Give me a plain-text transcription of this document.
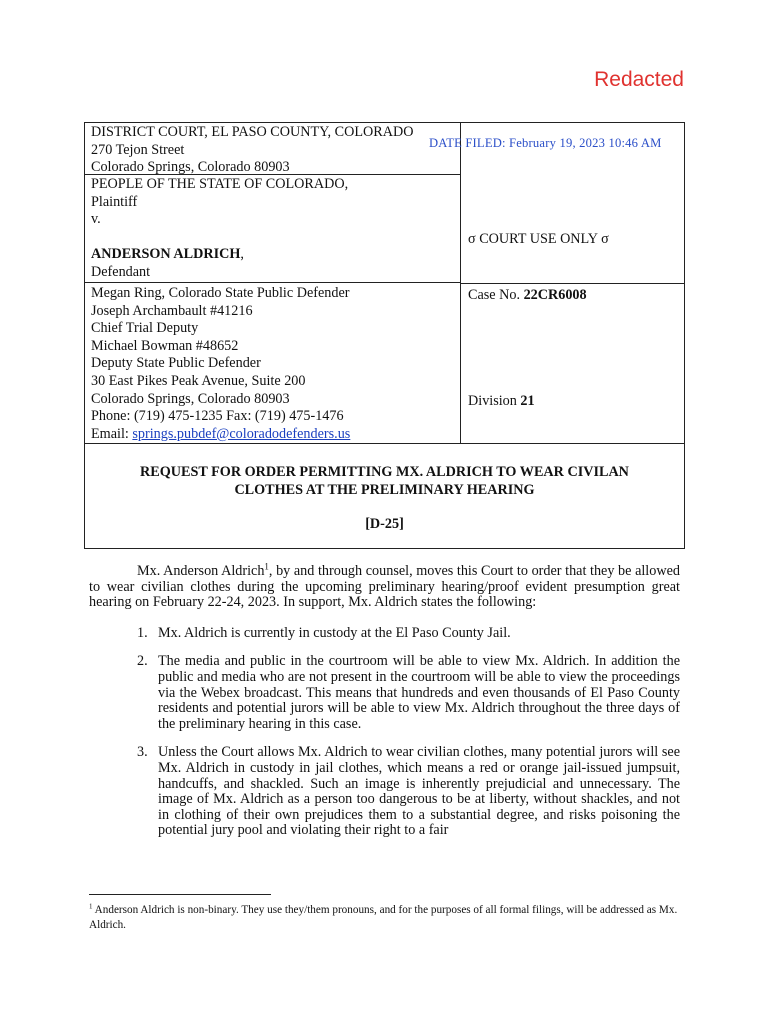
Redacted
DISTRICT COURT, EL PASO COUNTY, COLORADO
270 Tejon Street
Colorado Springs, Colorado 80903
PEOPLE OF THE STATE OF COLORADO,
Plaintiff
v.

ANDERSON ALDRICH,
Defendant
Megan Ring, Colorado State Public Defender
Joseph Archambault #41216
Chief Trial Deputy
Michael Bowman #48652
Deputy State Public Defender
30 East Pikes Peak Avenue, Suite 200
Colorado Springs, Colorado 80903
Phone: (719) 475-1235 Fax: (719) 475-1476
Email: springs.pubdef@coloradodefenders.us
DATE FILED: February 19, 2023 10:46 AM
σ COURT USE ONLY σ
Case No. 22CR6008
Division 21
REQUEST FOR ORDER PERMITTING MX. ALDRICH TO WEAR CIVILAN
CLOTHES AT THE PRELIMINARY HEARING
[D-25]

Mx. Anderson Aldrich$^1$, by and through counsel, moves this Court to order that they be allowed to wear civilian clothes during the upcoming preliminary hearing/proof evident presumption great hearing on February 22-24, 2023. In support, Mx. Aldrich states the following:

1. Mx. Aldrich is currently in custody at the El Paso County Jail.
2. The media and public in the courtroom will be able to view Mx. Aldrich. In addition the public and media who are not present in the courtroom will be able to view the proceedings via the Webex broadcast. This means that hundreds and even thousands of El Paso County residents and potential jurors will be able to view Mx. Aldrich throughout the three days of the preliminary hearing in this case.
3. Unless the Court allows Mx. Aldrich to wear civilian clothes, many potential jurors will see Mx. Aldrich in custody in jail clothes, which means a red or orange jail-issued jumpsuit, handcuffs, and shackled. Such an image is inherently prejudicial and unnecessary. The image of Mx. Aldrich as a person too dangerous to be at liberty, without shackles, and not in clothing of their own prejudices them to a substantial degree, and risks poisoning the potential jury pool and violating their right to a fair
$^1$ Anderson Aldrich is non-binary. They use they/them pronouns, and for the purposes of all formal filings, will be addressed as Mx. Aldrich.
